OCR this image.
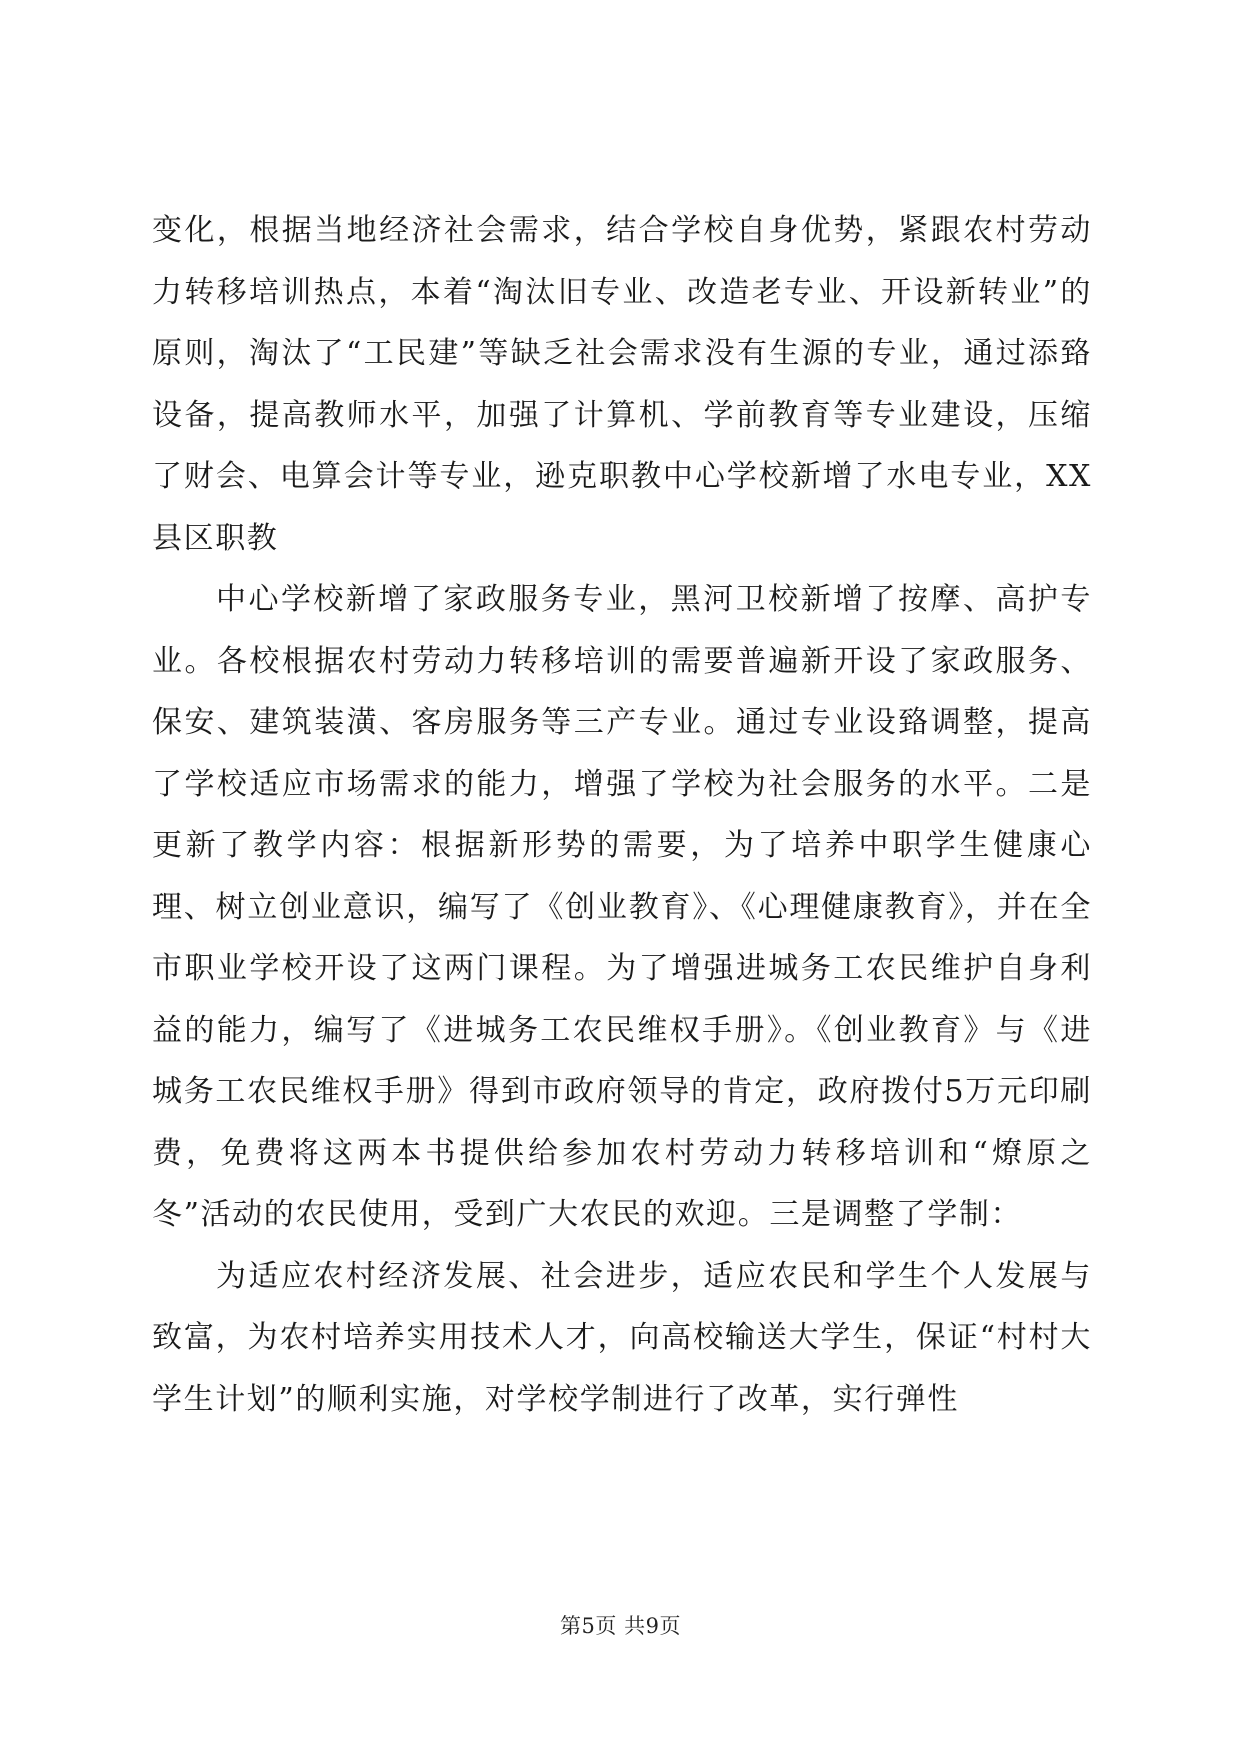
变化，根据当地经济社会需求，结合学校自身优势，紧跟农村劳动力转移培训热点，本着“淘汰旧专业、改造老专业、开设新转业”的原则，淘汰了“工民建”等缺乏社会需求没有生源的专业，通过添臵设备，提高教师水平，加强了计算机、学前教育等专业建设，压缩了财会、电算会计等专业，逊克职教中心学校新增了水电专业，XX县区职教

中心学校新增了家政服务专业，黑河卫校新增了按摩、高护专业。各校根据农村劳动力转移培训的需要普遍新开设了家政服务、保安、建筑装潢、客房服务等三产专业。通过专业设臵调整，提高了学校适应市场需求的能力，增强了学校为社会服务的水平。二是更新了教学内容：根据新形势的需要，为了培养中职学生健康心理、树立创业意识，编写了《创业教育》、《心理健康教育》，并在全市职业学校开设了这两门课程。为了增强进城务工农民维护自身利益的能力，编写了《进城务工农民维权手册》。《创业教育》与《进城务工农民维权手册》得到市政府领导的肯定，政府拨付5万元印刷费，免费将这两本书提供给参加农村劳动力转移培训和“燎原之冬”活动的农民使用，受到广大农民的欢迎。三是调整了学制：

为适应农村经济发展、社会进步，适应农民和学生个人发展与致富，为农村培养实用技术人才，向高校输送大学生，保证“村村大学生计划”的顺利实施，对学校学制进行了改革，实行弹性

第5页 共9页
